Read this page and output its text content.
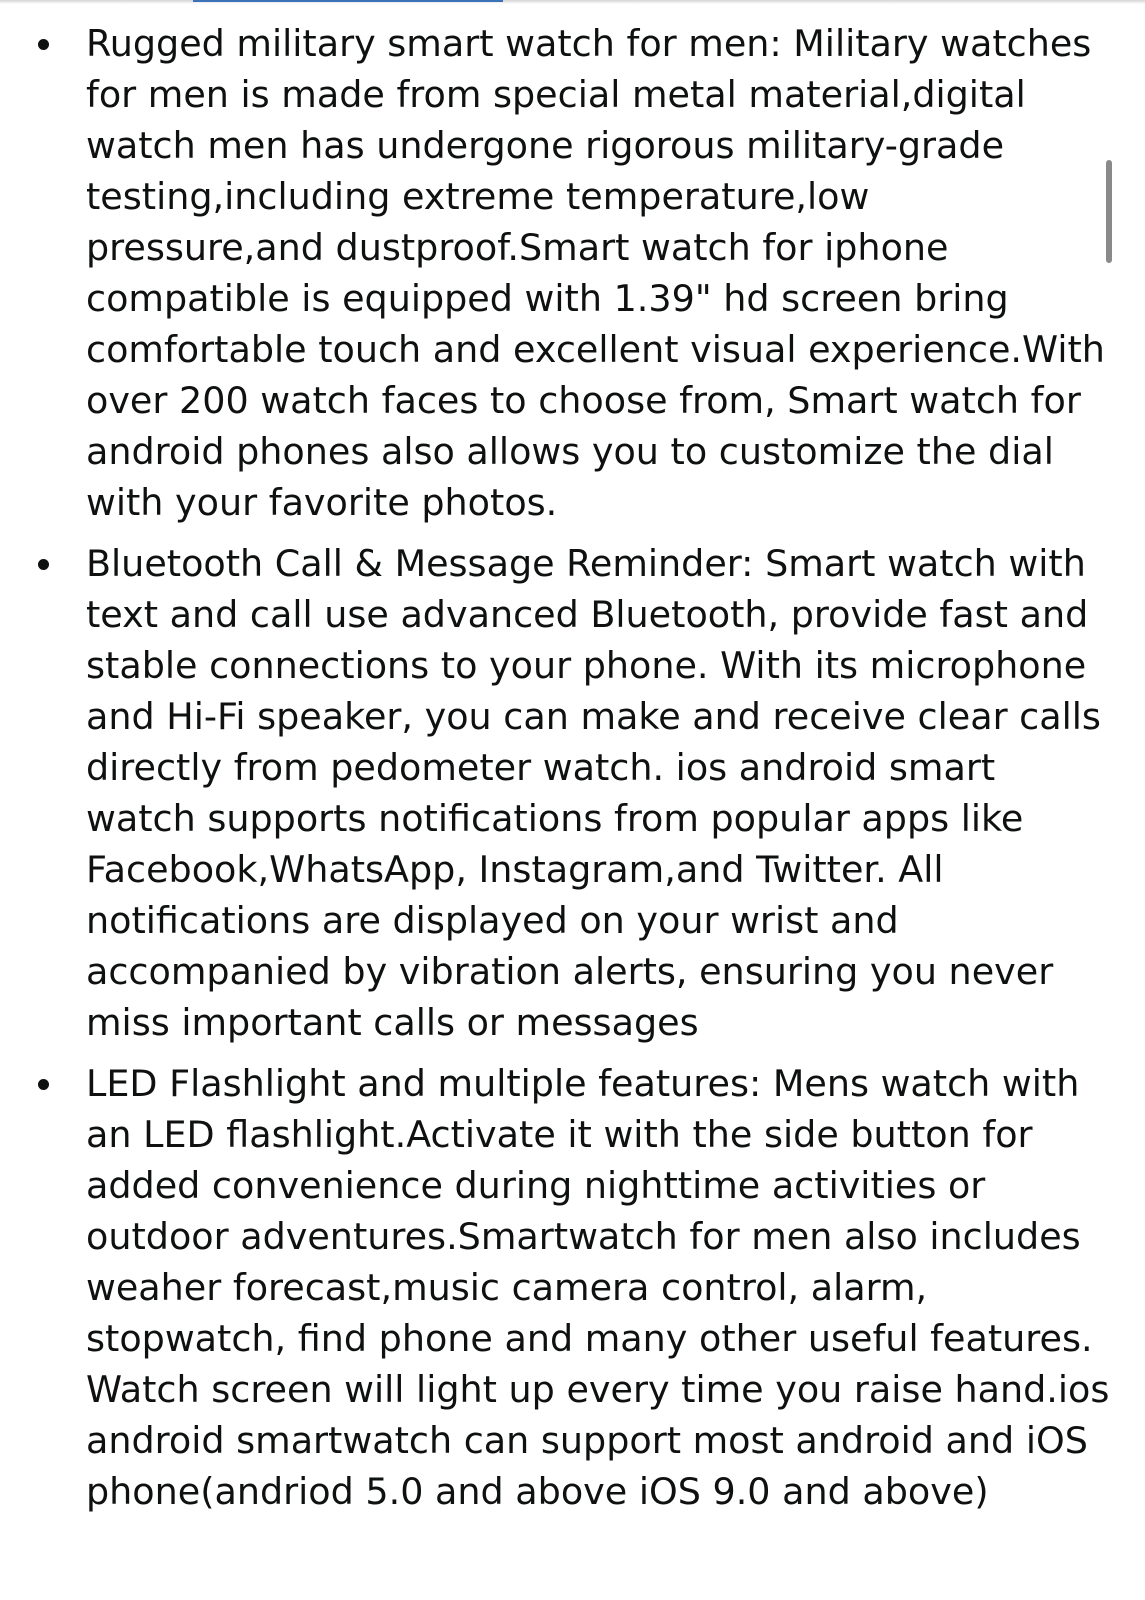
Rugged military smart watch for men: Military watches for men is made from special metal material,digital watch men has undergone rigorous military-grade testing,including extreme temperature,low pressure,and dustproof.Smart watch for iphone compatible is equipped with 1.39" hd screen bring comfortable touch and excellent visual experience.With over 200 watch faces to choose from, Smart watch for android phones also allows you to customize the dial with your favorite photos.
Bluetooth Call & Message Reminder: Smart watch with text and call use advanced Bluetooth, provide fast and stable connections to your phone. With its microphone and Hi-Fi speaker, you can make and receive clear calls directly from pedometer watch. ios android smart watch supports notifications from popular apps like Facebook,WhatsApp, Instagram,and Twitter. All notifications are displayed on your wrist and accompanied by vibration alerts, ensuring you never miss important calls or messages
LED Flashlight and multiple features: Mens watch with an LED flashlight.Activate it with the side button for added convenience during nighttime activities or outdoor adventures.Smartwatch for men also includes weaher forecast,music camera control, alarm, stopwatch, find phone and many other useful features. Watch screen will light up every time you raise hand.ios android smartwatch can support most android and iOS phone(andriod 5.0 and above iOS 9.0 and above)
